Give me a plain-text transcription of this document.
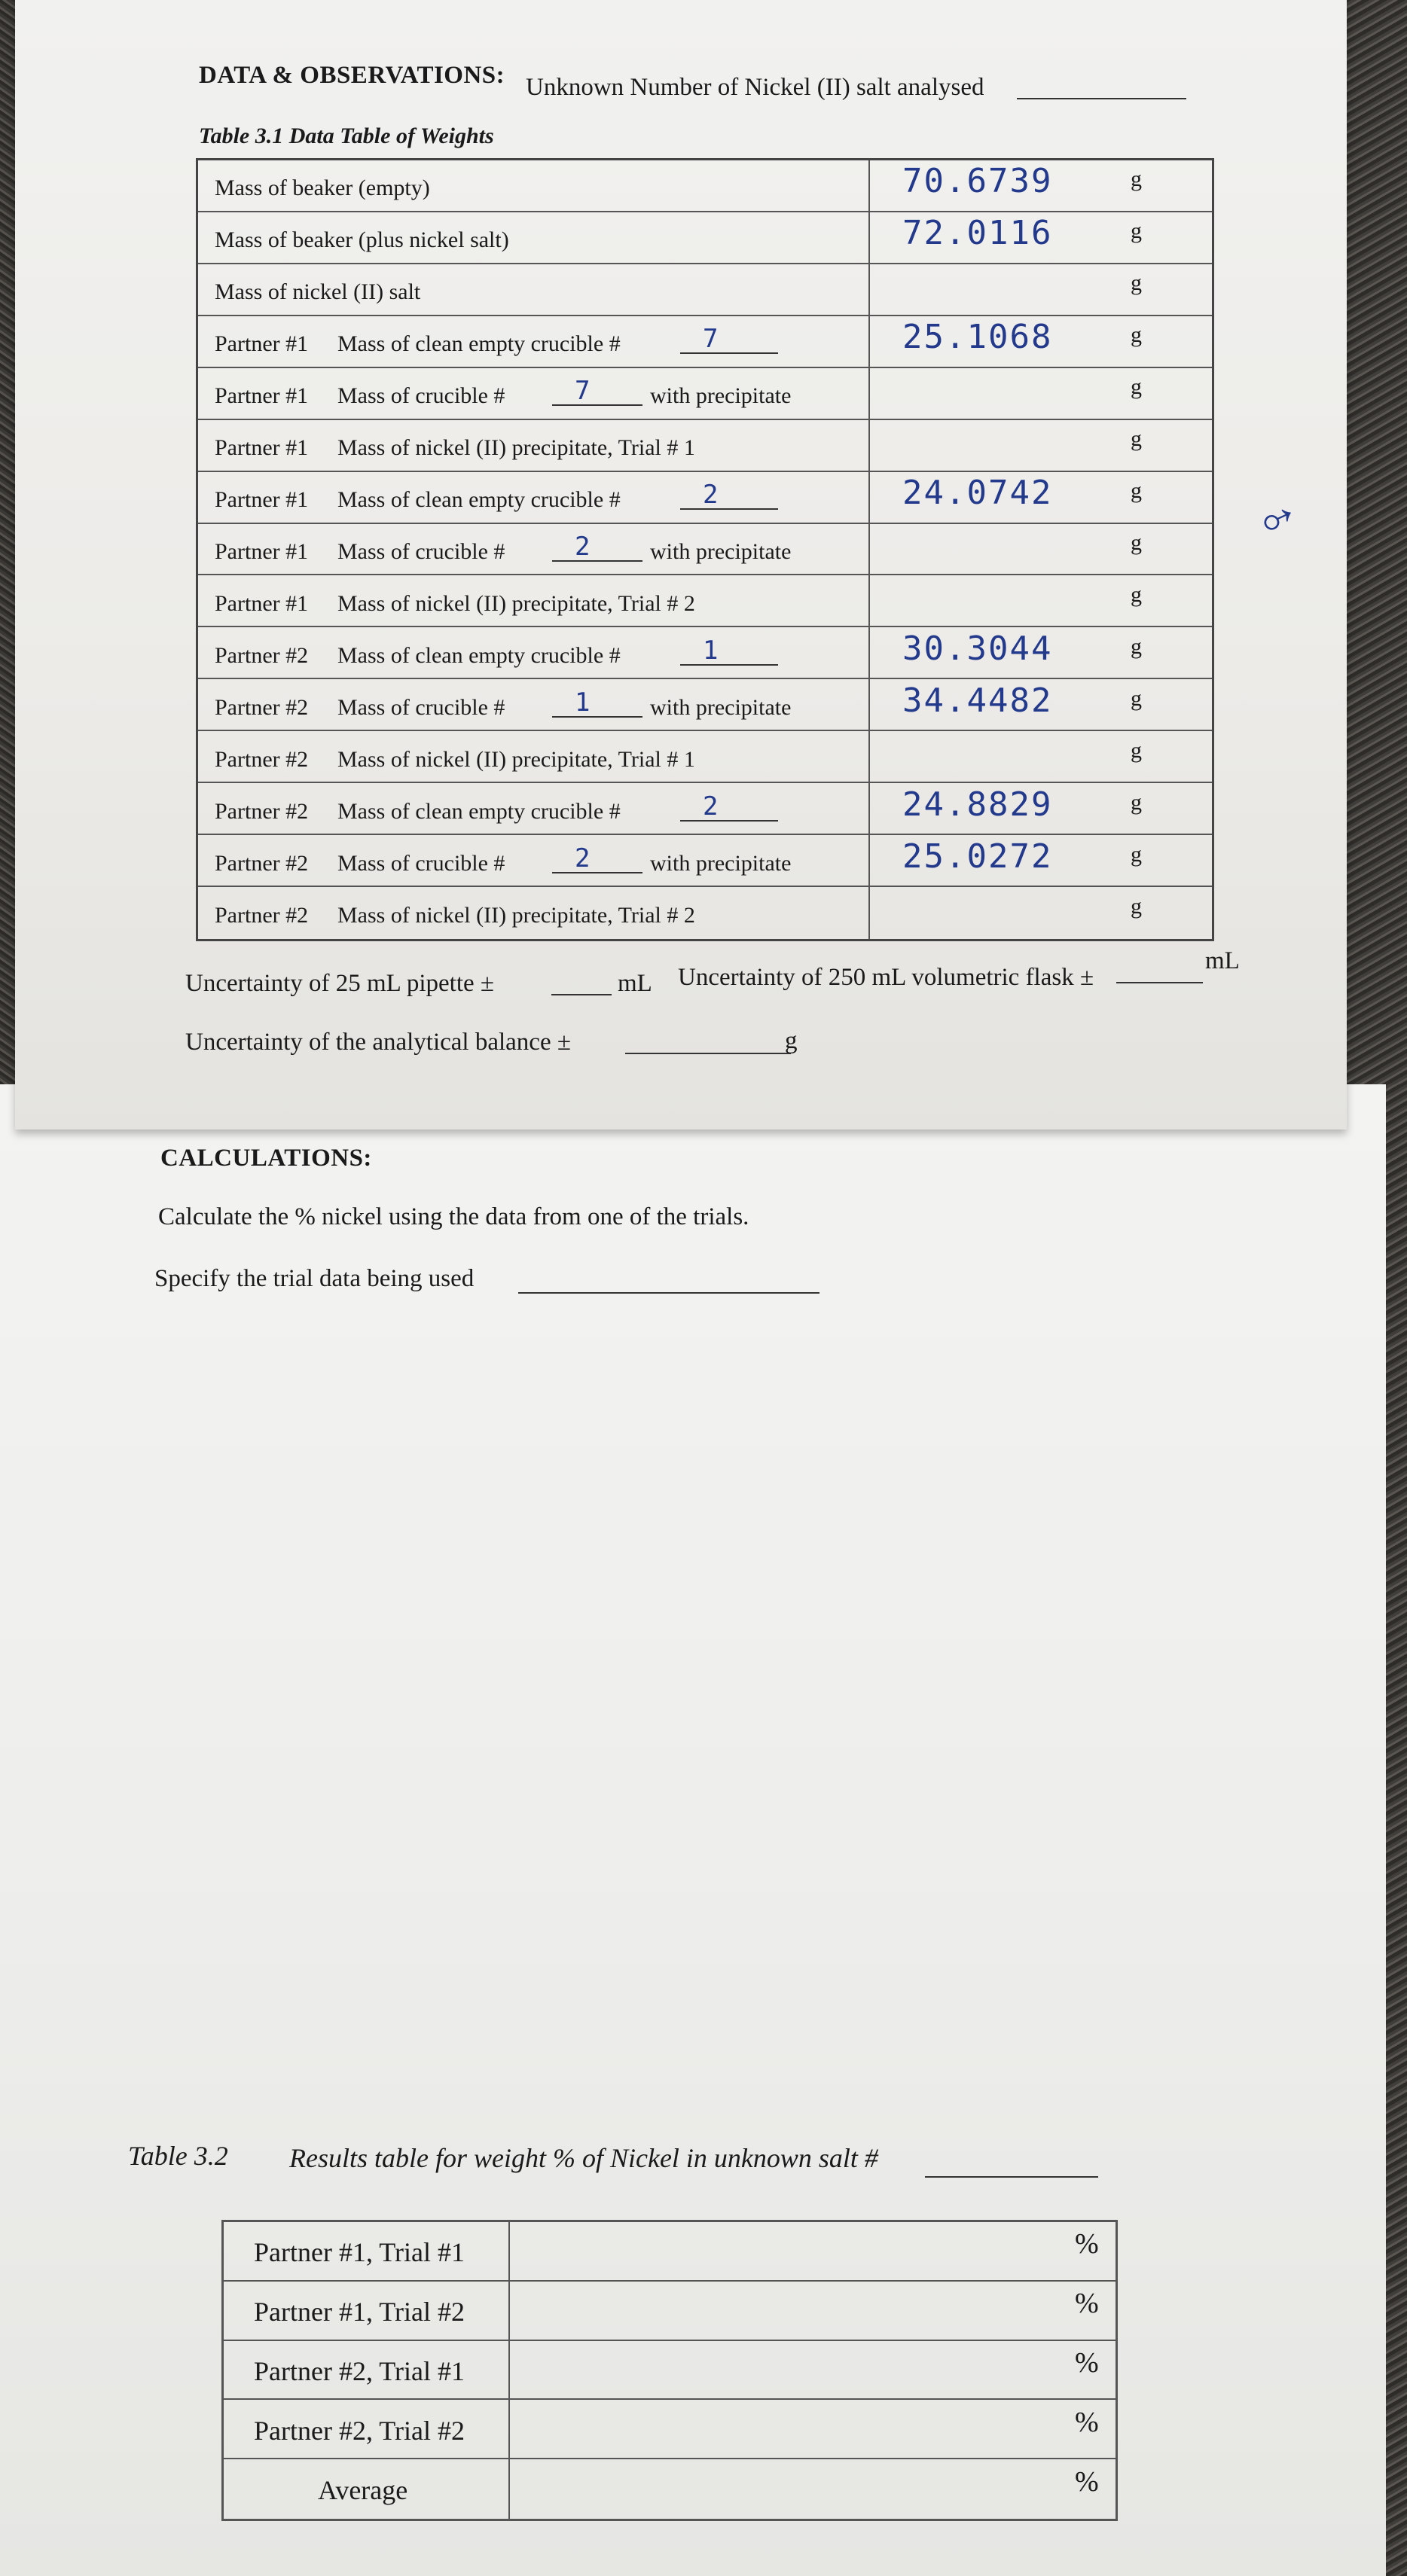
CALCULATIONS:
Calculate the % nickel using the data from one of the trials.
Specify the trial data being used
Table 3.2 Results table for weight % of Nickel in unknown salt #
Partner #1, Trial #1	%
Partner #1, Trial #2	%
Partner #2, Trial #1	%
Partner #2, Trial #2	%
Average	%
DATA & OBSERVATIONS: Unknown Number of Nickel (II) salt analysed
Table 3.1 Data Table of Weights
Mass of beaker (empty)	70.6739	g
Mass of beaker (plus nickel salt)	72.0116	g
Mass of nickel (II) salt	g
Partner #1 Mass of clean empty crucible #	7	25.1068	g
Partner #1 Mass of crucible #	7	with precipitate	g
Partner #1 Mass of nickel (II) precipitate, Trial # 1	g
Partner #1 Mass of clean empty crucible #	2	24.0742	g
Partner #1 Mass of crucible #	2	with precipitate	g
Partner #1 Mass of nickel (II) precipitate, Trial # 2	g
Partner #2 Mass of clean empty crucible #	1	30.3044	g
Partner #2 Mass of crucible #	1	with precipitate	34.4482	g
Partner #2 Mass of nickel (II) precipitate, Trial # 1	g
Partner #2 Mass of clean empty crucible #	2	24.8829	g
Partner #2 Mass of crucible #	2	with precipitate	25.0272	g
Partner #2 Mass of nickel (II) precipitate, Trial # 2	g
Uncertainty of 25 mL pipette ±	mL Uncertainty of 250 mL volumetric flask ±
mL
Uncertainty of the analytical balance ±	g
♂
